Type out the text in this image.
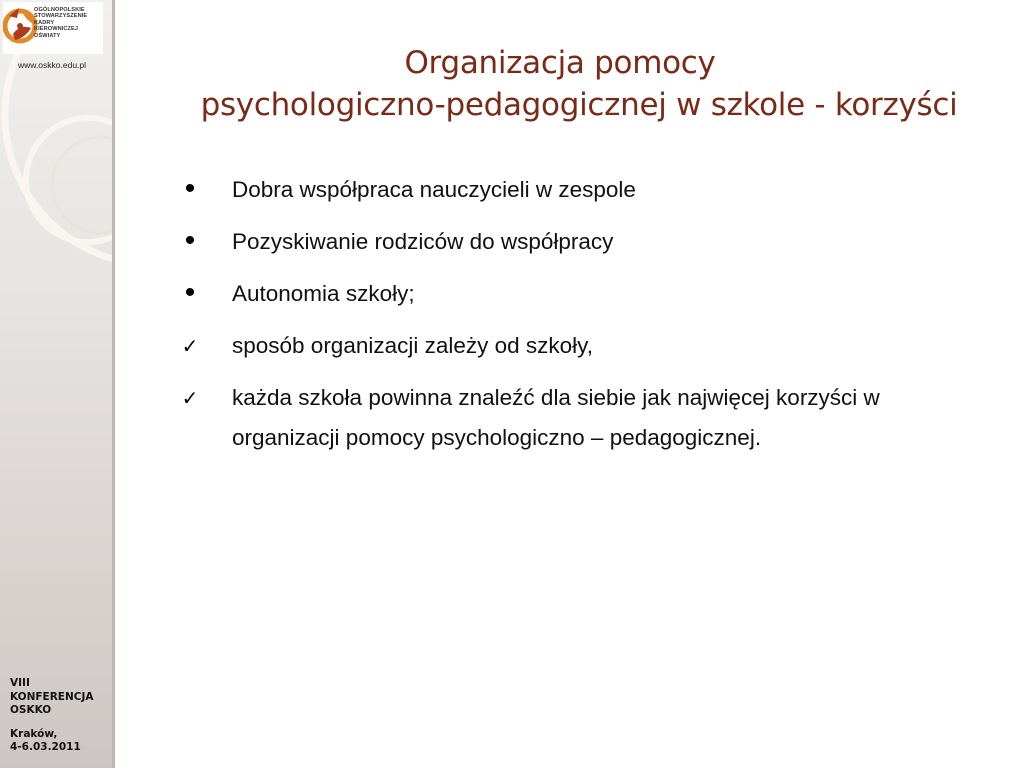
OGÓLNOPOLSKIE
STOWARZYSZENIE
KADRY
KIEROWNICZEJ
OŚWIATY
www.oskko.edu.pl
VIII
KONFERENCJA
OSKKO
Kraków,
4-6.03.2011
Organizacja pomocy
psychologiczno-pedagogicznej w szkole - korzyści
• Dobra współpraca nauczycieli w zespole
• Pozyskiwanie rodziców do współpracy
• Autonomia szkoły;
✓ sposób organizacji zależy od szkoły,
✓ każda szkoła powinna znaleźć dla siebie jak najwięcej korzyści w organizacji pomocy psychologiczno – pedagogicznej.
